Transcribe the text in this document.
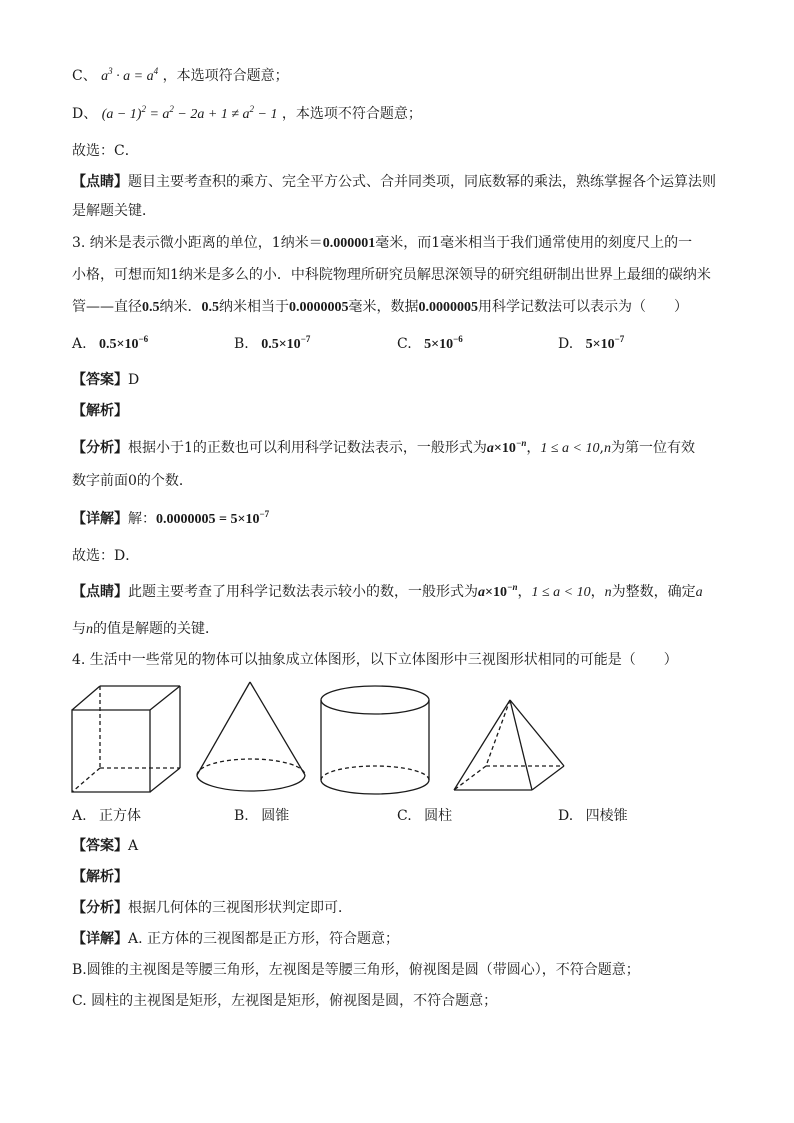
C、 $a^3 \cdot a = a^4$ ，本选项符合题意；
D、 $(a - 1)^2 = a^2 - 2a + 1 \ne a^2 - 1$ ，本选项不符合题意；
故选：C．
【点睛】题目主要考查积的乘方、完全平方公式、合并同类项，同底数幂的乘法，熟练掌握各个运算法则
是解题关键．
3. 纳米是表示微小距离的单位，1纳米＝0.000001毫米，而1毫米相当于我们通常使用的刻度尺上的一
小格，可想而知1纳米是多么的小．中科院物理所研究员解思深领导的研究组研制出世界上最细的碳纳米
管——直径0.5纳米．0.5纳米相当于0.0000005毫米，数据0.0000005用科学记数法可以表示为（　　）
A. $0.5\times 10^{-6}$	B. $0.5\times 10^{-7}$	C. $5\times 10^{-6}$	D. $5\times 10^{-7}$
【答案】D
【解析】
【分析】根据小于1的正数也可以利用科学记数法表示，一般形式为$a\times 10^{-n}$，1 ≤ a < 10,n为第一位有效
数字前面0的个数．
【详解】解：$0.0000005 = 5\times 10^{-7}$
故选：D．
【点睛】此题主要考查了用科学记数法表示较小的数，一般形式为$a\times 10^{-n}$，1 ≤ a < 10，n为整数，确定a
与n的值是解题的关键．
4. 生活中一些常见的物体可以抽象成立体图形，以下立体图形中三视图形状相同的可能是（　　）
A. 正方体	B. 圆锥	C. 圆柱	D. 四棱锥
【答案】A
【解析】
【分析】根据几何体的三视图形状判定即可．
【详解】A. 正方体的三视图都是正方形，符合题意；
B.圆锥的主视图是等腰三角形，左视图是等腰三角形，俯视图是圆（带圆心），不符合题意；
C. 圆柱的主视图是矩形，左视图是矩形，俯视图是圆，不符合题意；
